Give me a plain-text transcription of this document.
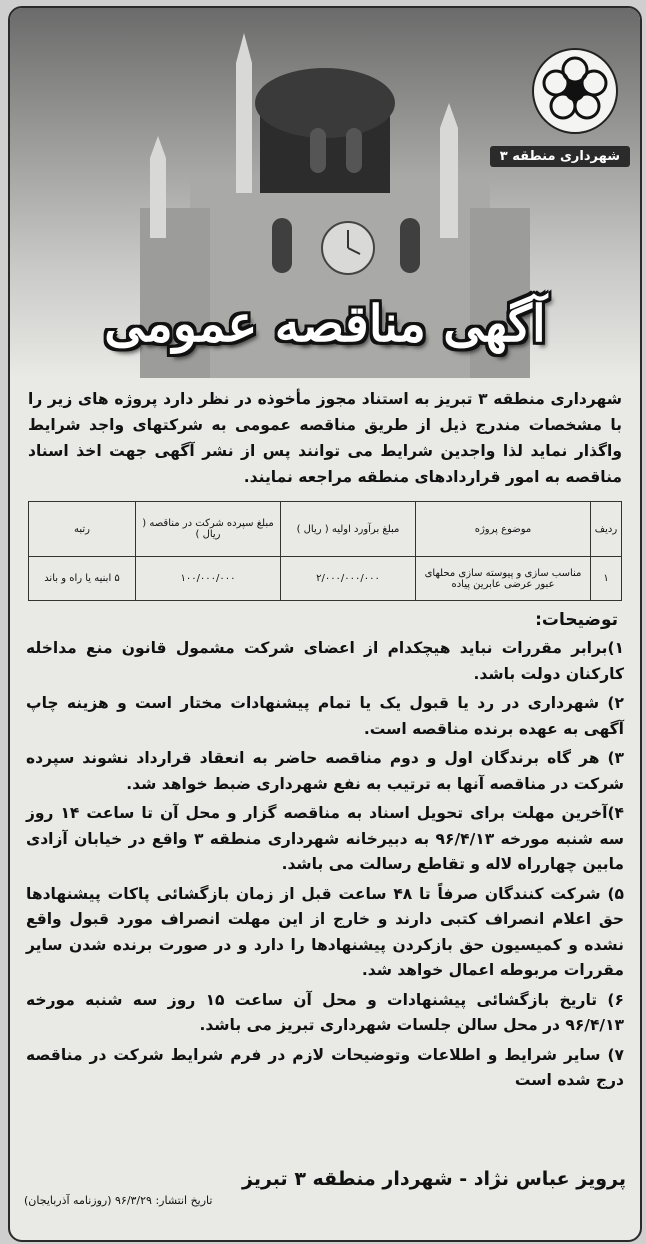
شهرداری منطقه ۳
آگهی مناقصه عمومی
شهرداری منطقه ۳ تبریز به استناد مجوز مأخوذه در نظر دارد پروژه های زیر را با مشخصات مندرج ذیل از طریق مناقصه عمومی به شرکتهای واجد شرایط واگذار نماید لذا واجدین شرایط می توانند پس از نشر آگهی جهت اخذ اسناد مناقصه به امور قراردادهای منطقه مراجعه نمایند.
ردیف	موضوع پروژه	مبلغ برآورد اولیه ( ریال )	مبلغ سپرده شرکت در مناقصه ( ریال )	رتبه
۱	مناسب سازی و پیوسته سازی محلهای عبور عرضی عابرین پیاده	۲/۰۰۰/۰۰۰/۰۰۰	۱۰۰/۰۰۰/۰۰۰	۵ ابنیه یا راه و باند
توضیحات:

۱)برابر مقررات نباید هیچکدام از اعضای شرکت مشمول قانون منع مداخله کارکنان دولت باشد.

۲) شهرداری در رد یا قبول یک یا تمام پیشنهادات مختار است و هزینه چاپ آگهی به عهده برنده مناقصه است.

۳) هر گاه برندگان اول و دوم مناقصه حاضر به انعقاد قرارداد نشوند سپرده شرکت در مناقصه آنها به ترتیب به نفع شهرداری ضبط خواهد شد.

۴)آخرین مهلت برای تحویل اسناد به مناقصه گزار و محل آن تا ساعت ۱۴ روز سه شنبه مورخه ۹۶/۴/۱۳ به دبیرخانه شهرداری منطقه ۳ واقع در خیابان آزادی مابین چهارراه لاله و تقاطع رسالت می باشد.

۵) شرکت کنندگان صرفاً تا ۴۸ ساعت قبل از زمان بازگشائی پاکات پیشنهادها حق اعلام انصراف کتبی دارند و خارج از این مهلت انصراف مورد قبول واقع نشده و کمیسیون حق بازکردن پیشنهادها را دارد و در صورت برنده شدن سایر مقررات مربوطه اعمال خواهد شد.

۶) تاریخ بازگشائی پیشنهادات و محل آن ساعت ۱۵ روز سه شنبه مورخه ۹۶/۴/۱۳ در محل سالن جلسات شهرداری تبریز می باشد.

۷) سایر شرایط و اطلاعات وتوضیحات لازم در فرم شرایط شرکت در مناقصه درج شده است

پرویز عباس نژاد - شهردار منطقه ۳ تبریز
تاریخ انتشار: ۹۶/۳/۲۹ (روزنامه آذربایجان)
